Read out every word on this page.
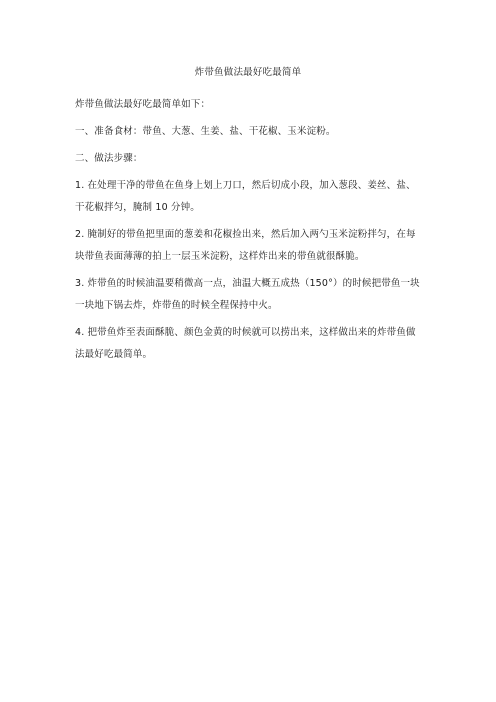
炸带鱼做法最好吃最简单

炸带鱼做法最好吃最简单如下：

一、准备食材：带鱼、大葱、生姜、盐、干花椒、玉米淀粉。

二、做法步骤：

1. 在处理干净的带鱼在鱼身上划上刀口，然后切成小段，加入葱段、姜丝、盐、干花椒拌匀，腌制 10 分钟。

2. 腌制好的带鱼把里面的葱姜和花椒捡出来，然后加入两勺玉米淀粉拌匀，在每块带鱼表面薄薄的拍上一层玉米淀粉，这样炸出来的带鱼就很酥脆。

3. 炸带鱼的时候油温要稍微高一点，油温大概五成热（150°）的时候把带鱼一块一块地下锅去炸，炸带鱼的时候全程保持中火。

4. 把带鱼炸至表面酥脆、颜色金黄的时候就可以捞出来，这样做出来的炸带鱼做法最好吃最简单。
